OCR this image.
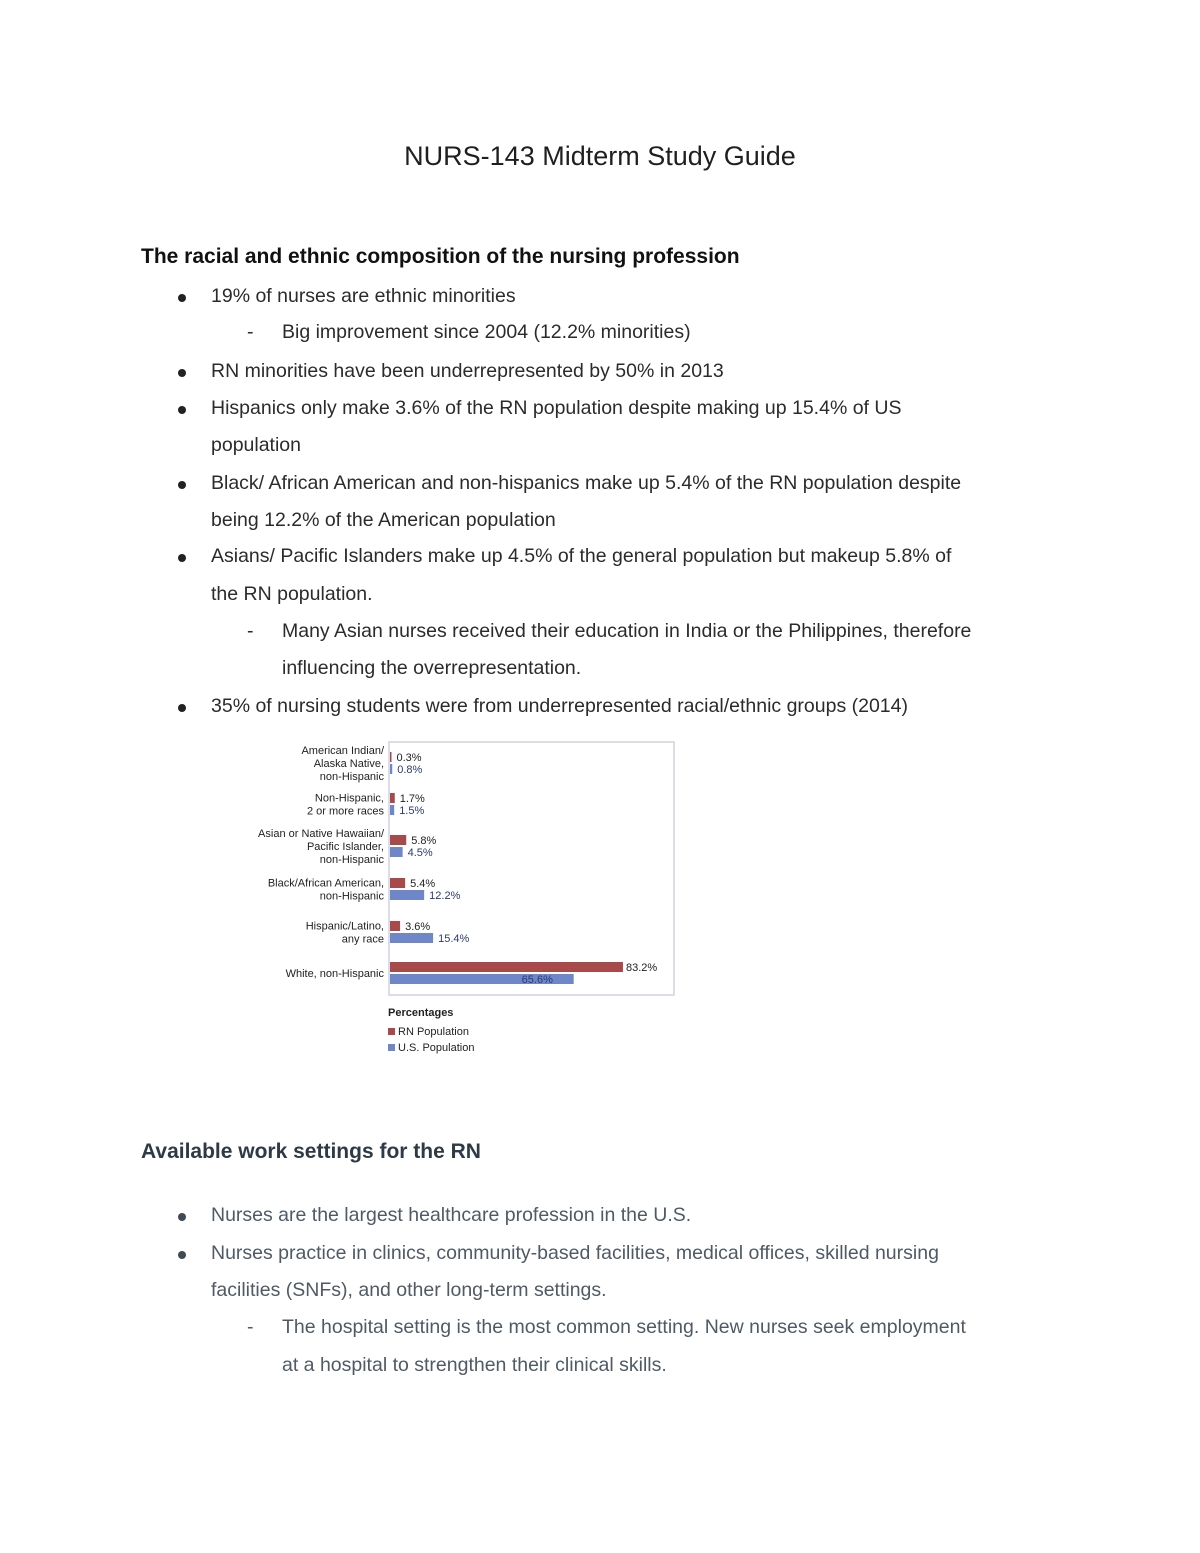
NURS-143 Midterm Study Guide
The racial and ethnic composition of the nursing profession
19% of nurses are ethnic minorities
- Big improvement since 2004 (12.2% minorities)
RN minorities have been underrepresented by 50% in 2013
Hispanics only make 3.6% of the RN population despite making up 15.4% of US
population
Black/ African American and non-hispanics make up 5.4% of the RN population despite
being 12.2% of the American population
Asians/ Pacific Islanders make up 4.5% of the general population but makeup 5.8% of
the RN population.
- Many Asian nurses received their education in India or the Philippines, therefore
influencing the overrepresentation.
35% of nursing students were from underrepresented racial/ethnic groups (2014)
American Indian/ Alaska Native, non-Hispanic
0.3%
0.8%
Non-Hispanic, 2 or more races
1.7%
1.5%
Asian or Native Hawaiian/ Pacific Islander, non-Hispanic
5.8%
4.5%
Black/African American, non-Hispanic
5.4%
12.2%
Hispanic/Latino, any race
3.6%
15.4%
White, non-Hispanic	83.2%
65.6%
Percentages
RN Population
U.S. Population
Available work settings for the RN
Nurses are the largest healthcare profession in the U.S.
Nurses practice in clinics, community-based facilities, medical offices, skilled nursing
facilities (SNFs), and other long-term settings.
- The hospital setting is the most common setting. New nurses seek employment
at a hospital to strengthen their clinical skills.
